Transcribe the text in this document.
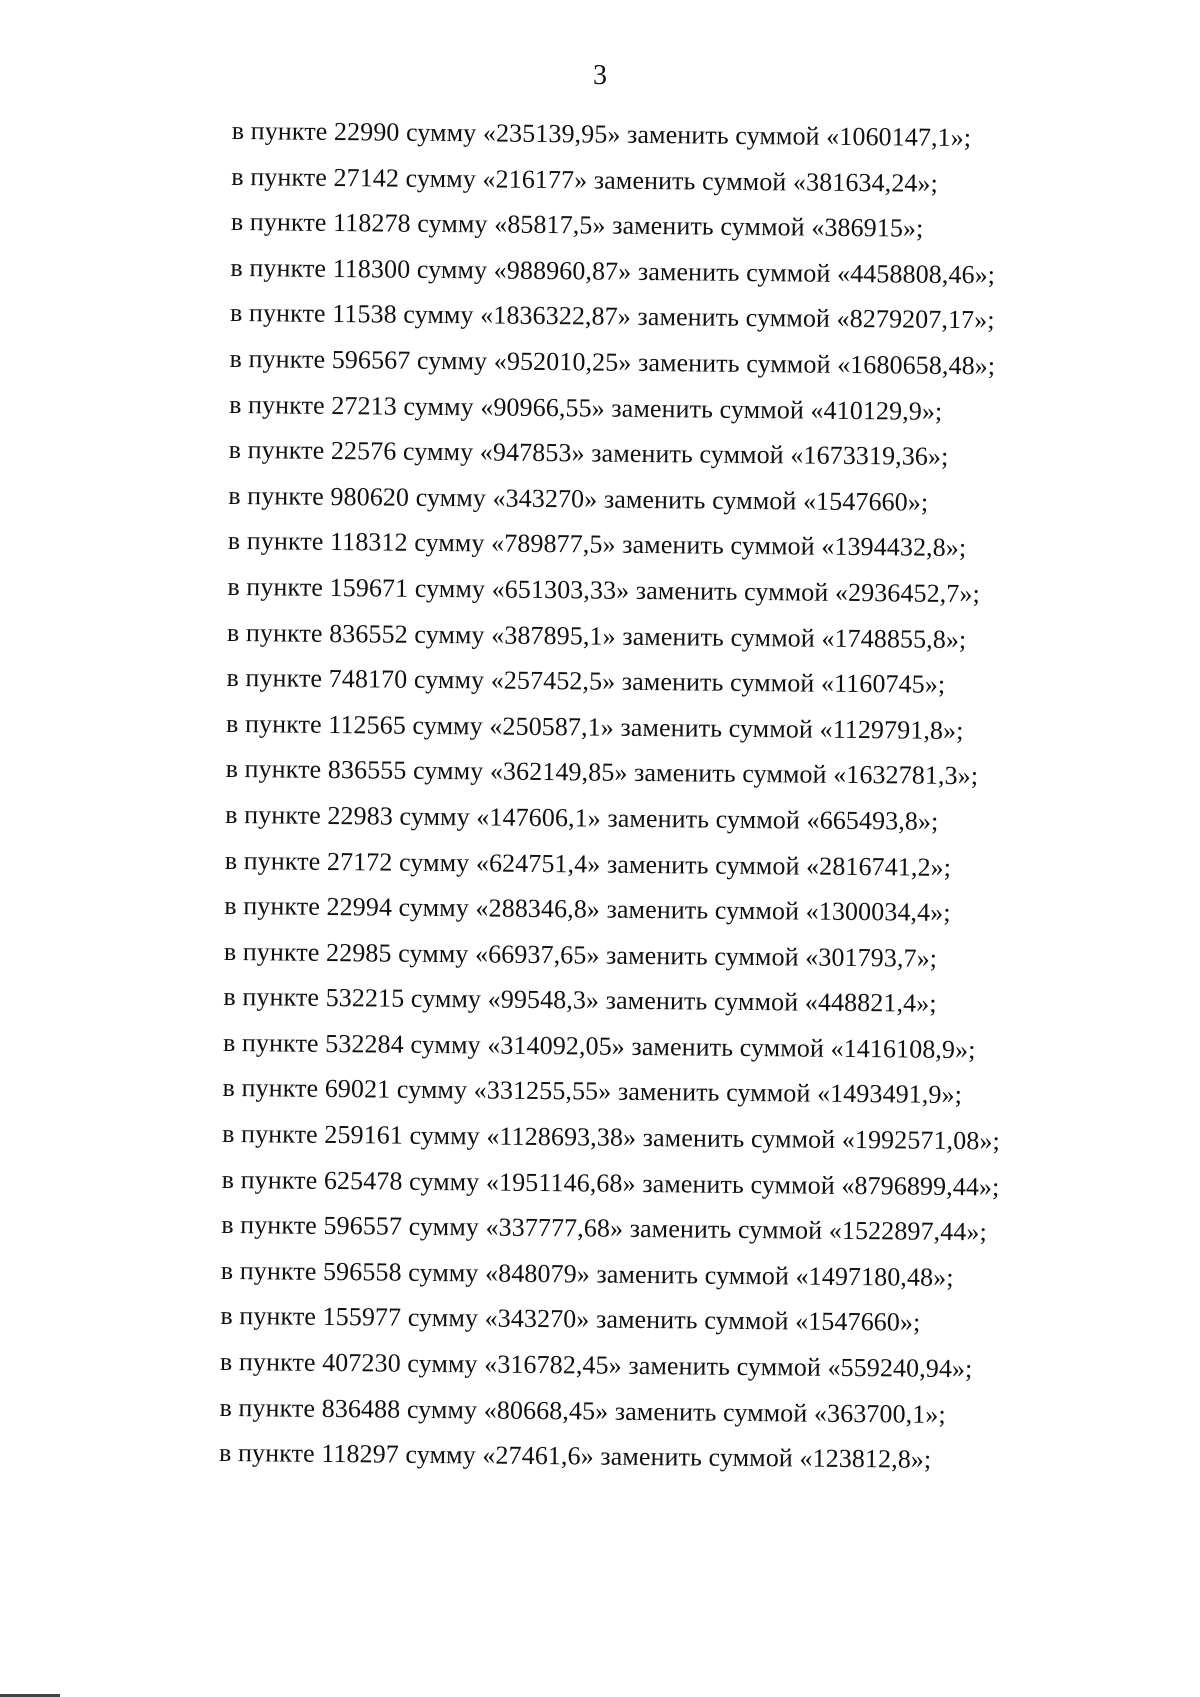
3
в пункте 22990 сумму «235139,95» заменить суммой «1060147,1»;
в пункте 27142 сумму «216177» заменить суммой «381634,24»;
в пункте 118278 сумму «85817,5» заменить суммой «386915»;
в пункте 118300 сумму «988960,87» заменить суммой «4458808,46»;
в пункте 11538 сумму «1836322,87» заменить суммой «8279207,17»;
в пункте 596567 сумму «952010,25» заменить суммой «1680658,48»;
в пункте 27213 сумму «90966,55» заменить суммой «410129,9»;
в пункте 22576 сумму «947853» заменить суммой «1673319,36»;
в пункте 980620 сумму «343270» заменить суммой «1547660»;
в пункте 118312 сумму «789877,5» заменить суммой «1394432,8»;
в пункте 159671 сумму «651303,33» заменить суммой «2936452,7»;
в пункте 836552 сумму «387895,1» заменить суммой «1748855,8»;
в пункте 748170 сумму «257452,5» заменить суммой «1160745»;
в пункте 112565 сумму «250587,1» заменить суммой «1129791,8»;
в пункте 836555 сумму «362149,85» заменить суммой «1632781,3»;
в пункте 22983 сумму «147606,1» заменить суммой «665493,8»;
в пункте 27172 сумму «624751,4» заменить суммой «2816741,2»;
в пункте 22994 сумму «288346,8» заменить суммой «1300034,4»;
в пункте 22985 сумму «66937,65» заменить суммой «301793,7»;
в пункте 532215 сумму «99548,3» заменить суммой «448821,4»;
в пункте 532284 сумму «314092,05» заменить суммой «1416108,9»;
в пункте 69021 сумму «331255,55» заменить суммой «1493491,9»;
в пункте 259161 сумму «1128693,38» заменить суммой «1992571,08»;
в пункте 625478 сумму «1951146,68» заменить суммой «8796899,44»;
в пункте 596557 сумму «337777,68» заменить суммой «1522897,44»;
в пункте 596558 сумму «848079» заменить суммой «1497180,48»;
в пункте 155977 сумму «343270» заменить суммой «1547660»;
в пункте 407230 сумму «316782,45» заменить суммой «559240,94»;
в пункте 836488 сумму «80668,45» заменить суммой «363700,1»;
в пункте 118297 сумму «27461,6» заменить суммой «123812,8»;
